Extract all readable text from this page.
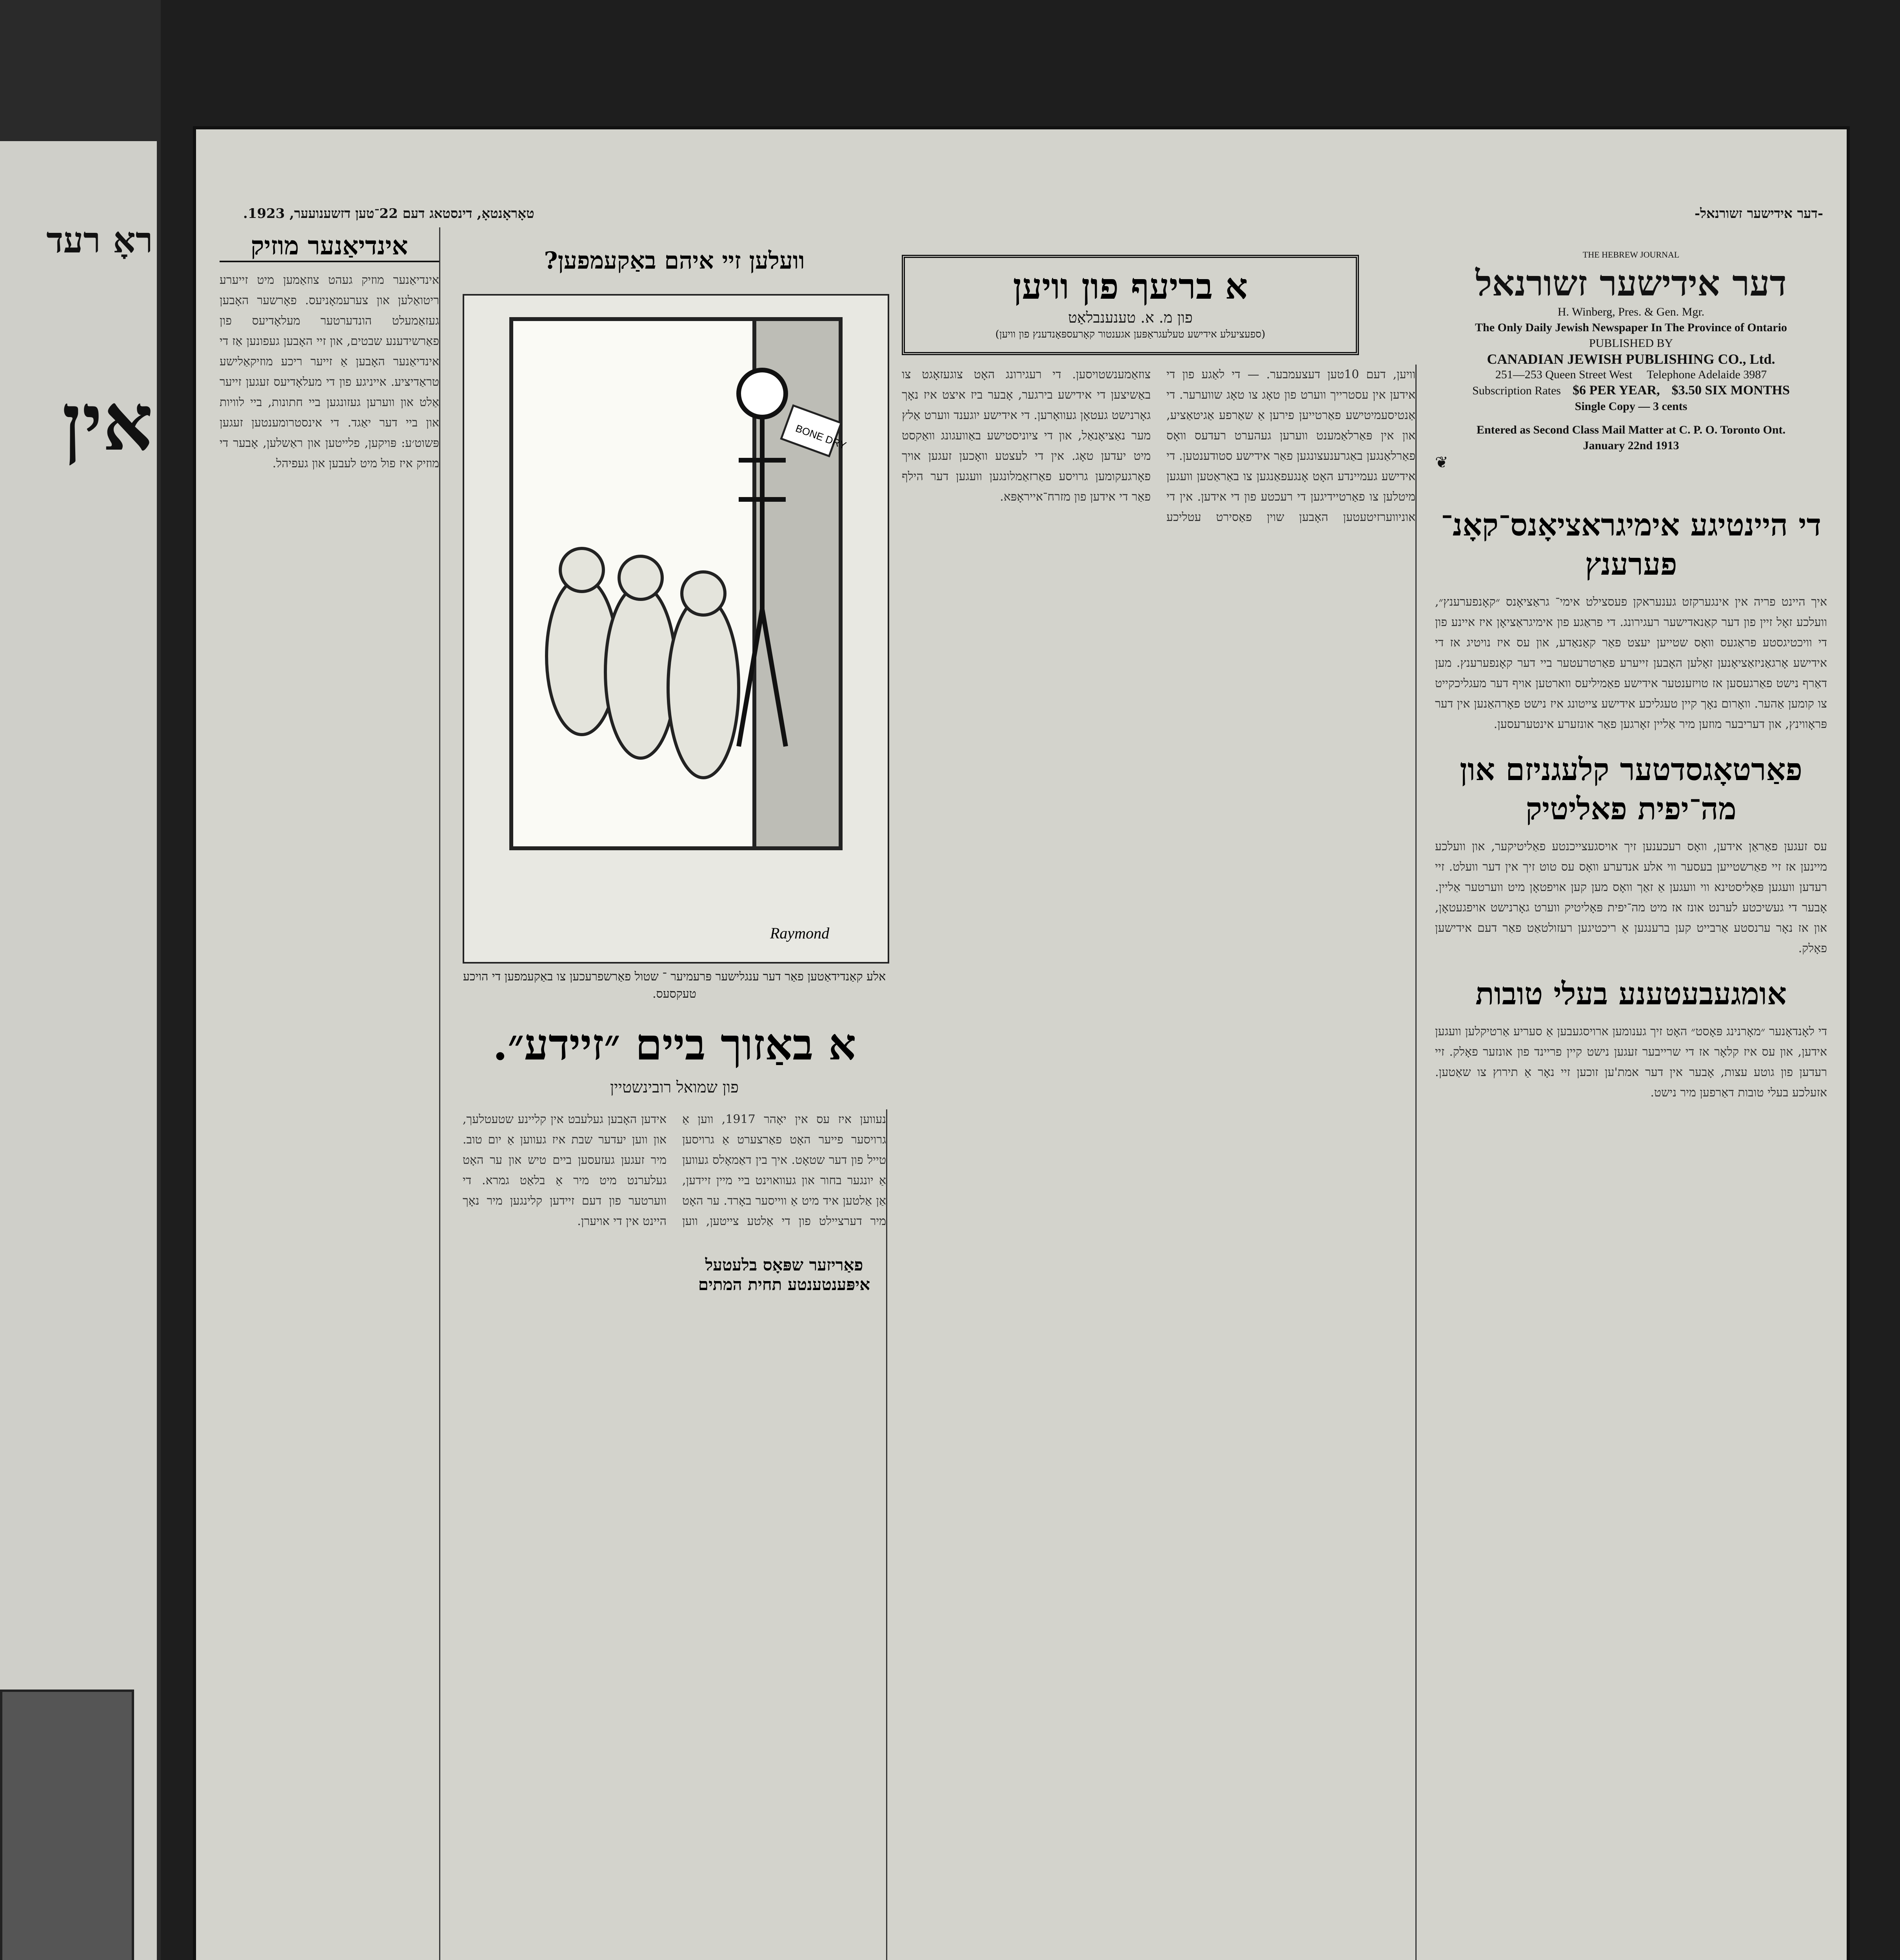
ראָ רעד
אין
טאָראָנטאָ, דינסטאג דעם 22־טען דזשענועער, 1923.	-דער אידישער זשורנאל-
אינדיאַנער מוזיק
אינדיאַנער מוזיק געהט צוזאַמען מיט זייערע ריטואַלען און צערעמאָניעס. פאָרשער האָבען געזאַמעלט הונדערטער מעלאָדיעס פון פאַרשידענע שבטים, און זיי האָבען געפונען אַז די אינדיאַנער האָבען אַ זייער ריכע מוזיקאַלישע טראַדיציע. אייניגע פון די מעלאָדיעס זעגען זייער אַלט און ווערען געזונגען ביי חתונות, ביי לוויות און ביי דער יאַגד. די אינסטרומענטען זעגען פּשוט׳ע: פּויקען, פלייטען און ראַשלען, אָבער די מוזיק איז פול מיט לעבען און געפיהל.
וועלען זיי איהם באַקעמפען?
BONE DRY
Raymond
אלע קאַנדידאַטען פאַר דער ענגלישער פּרעמיער ־ שטול פאַרשפרעכען צו באַקעמפען די הויכע טעקסעס.
א באַזוך ביים ״זיידע״.
פון שמואל רובינשטיין
נעווען איז עס אין יאָהר 1917, ווען אַ גרויסער פייער האָט פאַרצערט אַ גרויסען טייל פון דער שטאָט. איך בין דאַמאָלס געווען אַ יונגער בחור און געוואוינט ביי מיין זיידען, אַן אַלטען איד מיט אַ ווייסער באָרד. ער האָט מיר דערציילט פון די אַלטע צייטען, ווען אידען האָבען געלעבט אין קליינע שטעטלעך, און ווען יעדער שבת איז געווען אַ יום טוב. מיר זעגען געזעסען ביים טיש און ער האָט געלערנט מיט מיר אַ בלאַט גמרא. די ווערטער פון דעם זיידען קלינגען מיר נאָך היינט אין די אויערן.
פאַריזער שפּאָס בלעטעל איפּענטענטע תחית המתים
א בריעף פון וויען
פון מ. א. טענענבלאַט
(ספעציעלע אידישע טעלעגראַפּען אגענטור קאָרעספּאָנדענץ פון וויען)
וויען, דעם 10טען דעצעמבער. — די לאַגע פון די אידען אין עסטרייך ווערט פון טאָג צו טאָג שווערער. די אַנטיסעמיטישע פאַרטייען פירען אַ שאַרפע אַגיטאַציע, און אין פּאַרלאַמענט ווערען געהערט רעדעס וואָס פאַרלאַנגען באַגרענעצונגען פאַר אידישע סטודענטען. די אידישע געמיינדע האָט אָנגעפאַנגען צו באַראַטען וועגען מיטלען צו פאַרטיידיגען די רעכטע פון די אידען. אין די אוניווערזיטעטען האָבען שוין פאַסירט עטליכע צוזאַמענשטויסען. די רעגירונג האָט צוגעזאָגט צו באַשיצען די אידישע בירגער, אָבער ביז איצט איז נאָך גאָרנישט געטאָן געוואָרען. די אידישע יוגענד ווערט אַלץ מער נאַציאָנאַל, און די ציוניסטישע באַוועגונג וואַקסט מיט יעדען טאָג. אין די לעצטע וואָכען זעגען אויך פאָרגעקומען גרויסע פאַרזאַמלונגען וועגען דער הילף פאַר די אידען פון מזרח־אייראָפּא.
THE HEBREW JOURNAL
דער אידישער זשורנאל
H. Winberg, Pres. & Gen. Mgr.
The Only Daily Jewish Newspaper In The Province of Ontario
PUBLISHED BY
CANADIAN JEWISH PUBLISHING CO., Ltd.
251—253 Queen Street West Telephone Adelaide 3987
Subscription Rates $6 PER YEAR, $3.50 SIX MONTHS
Single Copy — 3 cents
Entered as Second Class Mail Matter at C. P. O. Toronto Ont.
January 22nd 1913
❦
די היינטיגע אימיגראציאָנס־קאָנ־ פערענץ
איך היינט פריה אין אינגערקזט גענעראקן פעסצילט אימי־ גראַציאָנס ״קאָנפערענץ״, וועלכע זאָל זיין פון דער קאַנאדישער רעגירונג. די פראַגע פון אימיגראַציאָן איז איינע פון די וויכטיגסטע פראַגעס וואָס שטייען יעצט פאַר קאַנאַדע, און עס איז נויטיג אז די אידישע אָרגאַניזאַציאָנען זאָלען האָבען זייערע פאַרטרעטער ביי דער קאָנפערענץ. מען דאַרף נישט פאַרגעסען אז טויזענטער אידישע פאַמיליעס ווארטען אויף דער מעגליכקייט צו קומען אַהער. וואָרום נאָך קיין טעגליכע אידישע צייטונג איז נישט פאָרהאַנען אין דער פּראָווינץ, און דעריבער מוזען מיר אַליין זאָרגען פאַר אונזערע אינטערעסען.
פאַרטאָגסדטער קלעגניזם און מה־יפית פאליטיק
עס זעגען פאַראַן אידען, וואָס רעכענען זיך אויסגעצייכנטע פאַליטיקער, און וועלכע מיינען אז זיי פאַרשטייען בעסער ווי אלע אנדערע וואָס עס טוט זיך אין דער וועלט. זיי רעדען וועגען פּאַליסטינא ווי וועגען אַ זאַך וואָס מען קען אויפטאָן מיט ווערטער אַליין. אָבער די געשיכטע לערנט אונז אז מיט מה־יפית פּאָליטיק ווערט גאָרנישט אויפגעטאָן, און אז נאָר ערנסטע אַרבייט קען ברענגען אַ ריכטיגען רעזולטאַט פאַר דעם אידישען פאָלק.
אומגעבעטענע בעלי טובות
די לאָנדאָנער ״מאָרנינג פּאָסט״ האָט זיך גענומען ארויסגעבען אַ סעריע אַרטיקלען וועגען אידען, און עס איז קלאָר אז די שרייבער זעגען נישט קיין פריינד פון אונזער פאָלק. זיי רעדען פון גוטע עצות, אָבער אין דער אמת'ען זוכען זיי נאָר אַ תירוץ צו שאַטען. אזעלכע בעלי טובות דאַרפען מיר נישט.
